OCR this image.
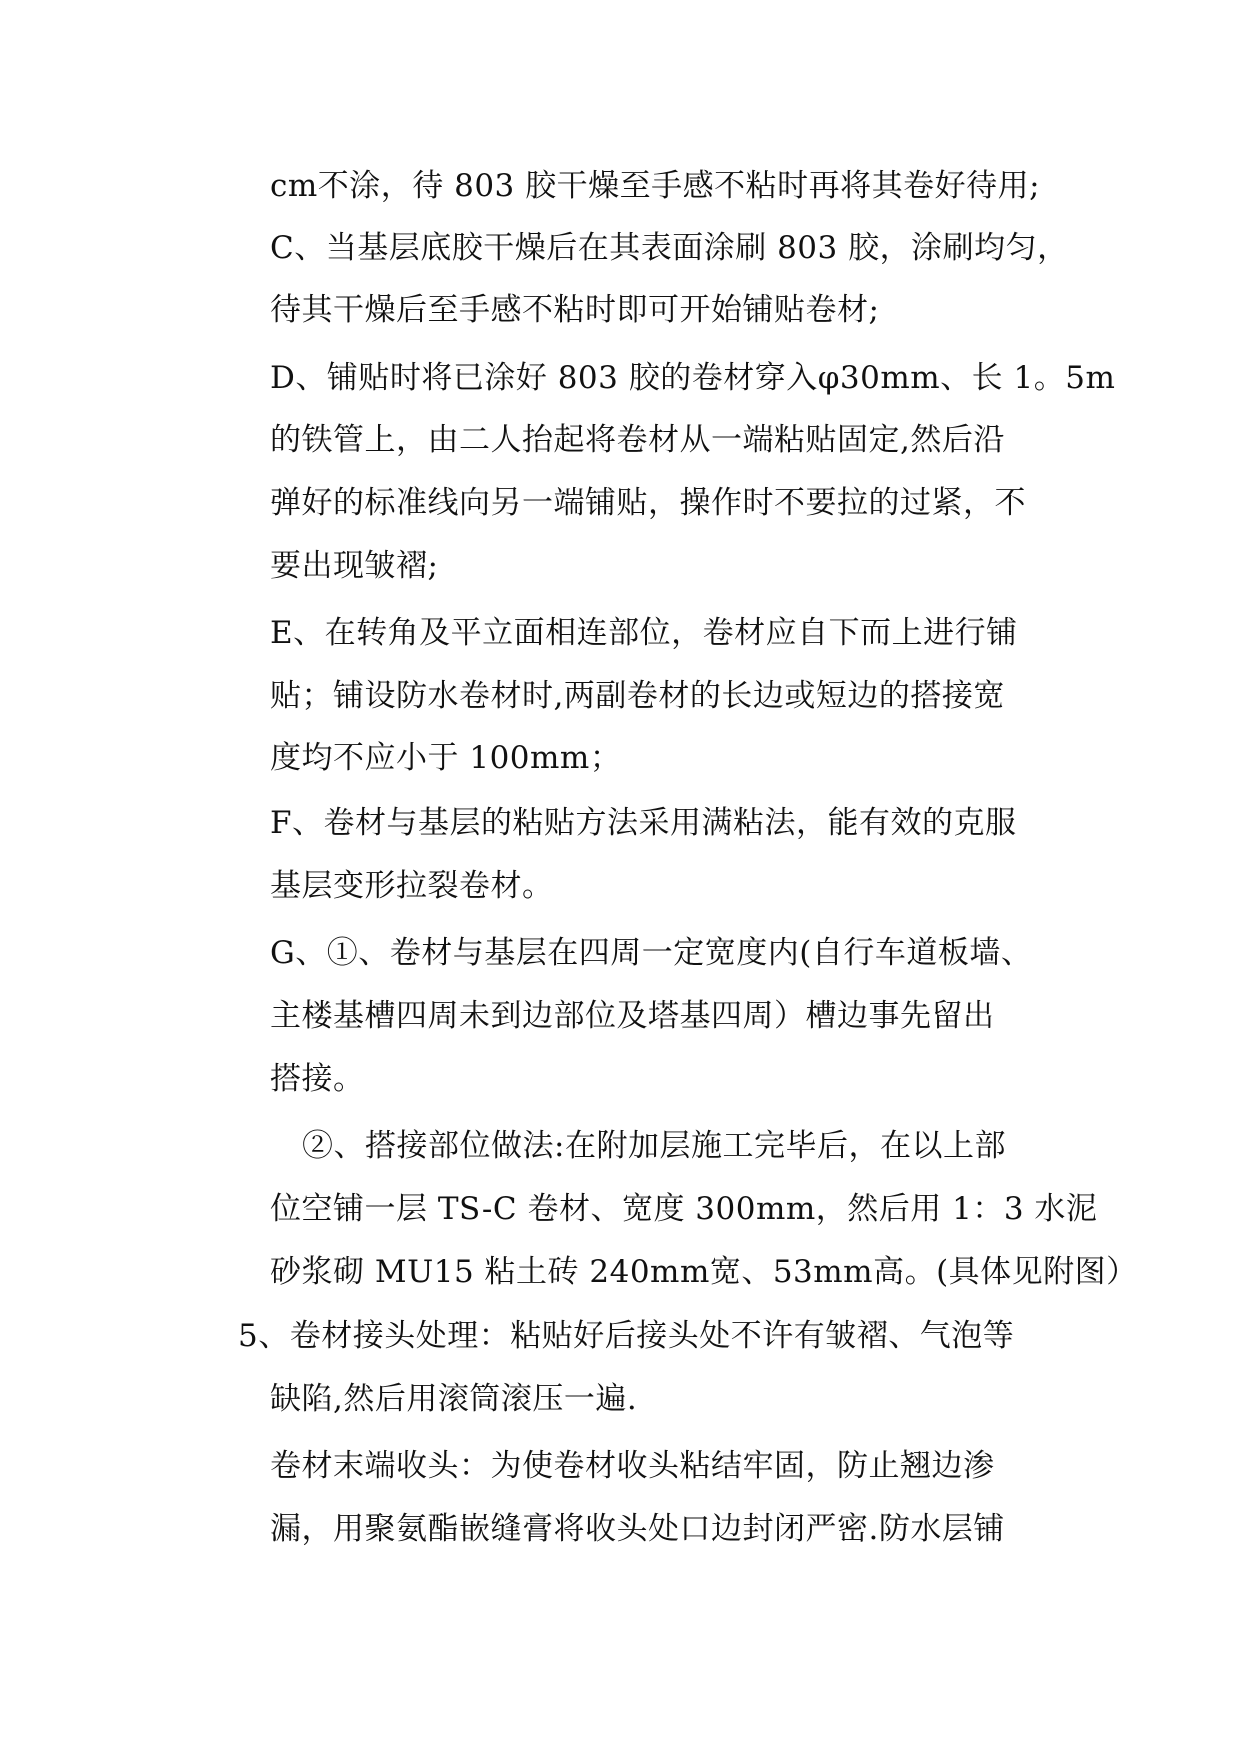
cm不涂，待 803 胶干燥至手感不粘时再将其卷好待用;
C、当基层底胶干燥后在其表面涂刷 803 胶，涂刷均匀，
待其干燥后至手感不粘时即可开始铺贴卷材;
D、铺贴时将已涂好 803 胶的卷材穿入φ30mm、长 1。5m
的铁管上，由二人抬起将卷材从一端粘贴固定,然后沿
弹好的标准线向另一端铺贴，操作时不要拉的过紧，不
要出现皱褶;
E、在转角及平立面相连部位，卷材应自下而上进行铺
贴；铺设防水卷材时,两副卷材的长边或短边的搭接宽
度均不应小于 100mm；
F、卷材与基层的粘贴方法采用满粘法，能有效的克服
基层变形拉裂卷材。
G、①、卷材与基层在四周一定宽度内(自行车道板墙、
主楼基槽四周未到边部位及塔基四周）槽边事先留出
搭接。
②、搭接部位做法:在附加层施工完毕后，在以上部
位空铺一层 TS-C 卷材、宽度 300mm，然后用 1：3 水泥
砂浆砌 MU15 粘土砖 240mm宽、53mm高。(具体见附图）
5、卷材接头处理：粘贴好后接头处不许有皱褶、气泡等
缺陷,然后用滚筒滚压一遍.
卷材末端收头：为使卷材收头粘结牢固，防止翘边渗
漏，用聚氨酯嵌缝膏将收头处口边封闭严密.防水层铺
